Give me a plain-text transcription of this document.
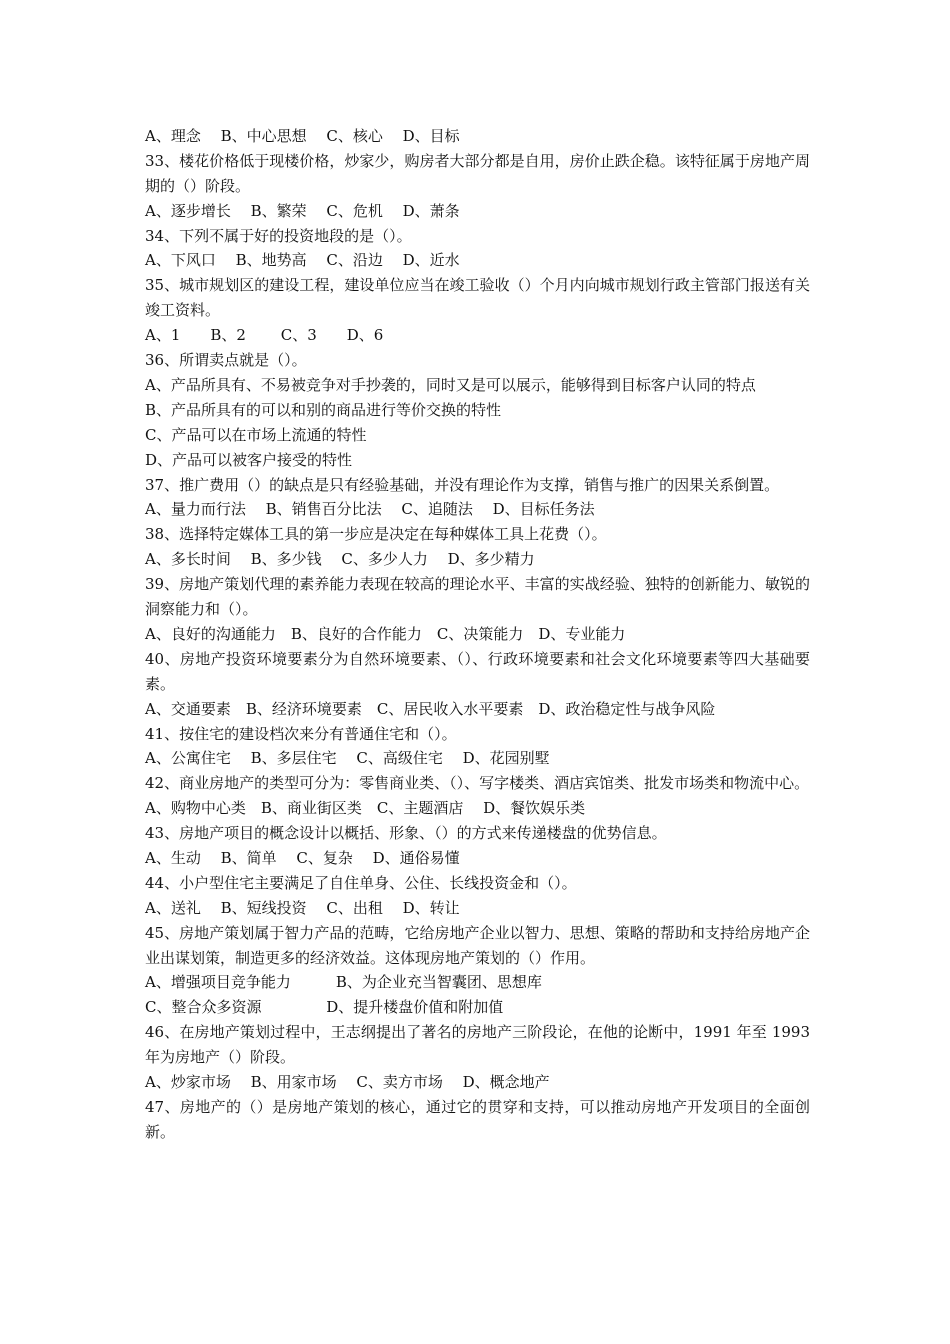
A、理念　 B、中心思想　 C、核心　 D、目标
33、楼花价格低于现楼价格，炒家少，购房者大部分都是自用，房价止跌企稳。该特征属于房地产周期的（）阶段。
A、逐步增长　 B、繁荣　 C、危机　 D、萧条
34、下列不属于好的投资地段的是（）。
A、下风口　 B、地势高　 C、沿边　 D、近水
35、城市规划区的建设工程，建设单位应当在竣工验收（）个月内向城市规划行政主管部门报送有关竣工资料。
A、1　　B、2　　 C、3　　D、6
36、所谓卖点就是（）。
A、产品所具有、不易被竞争对手抄袭的，同时又是可以展示，能够得到目标客户认同的特点
B、产品所具有的可以和别的商品进行等价交换的特性
C、产品可以在市场上流通的特性
D、产品可以被客户接受的特性
37、推广费用（）的缺点是只有经验基础，并没有理论作为支撑，销售与推广的因果关系倒置。
A、量力而行法　 B、销售百分比法　 C、追随法　 D、目标任务法
38、选择特定媒体工具的第一步应是决定在每种媒体工具上花费（）。
A、多长时间　 B、多少钱　 C、多少人力　 D、多少精力
39、房地产策划代理的素养能力表现在较高的理论水平、丰富的实战经验、独特的创新能力、敏锐的洞察能力和（）。
A、良好的沟通能力　B、良好的合作能力　C、决策能力　D、专业能力
40、房地产投资环境要素分为自然环境要素、（）、行政环境要素和社会文化环境要素等四大基础要素。
A、交通要素　B、经济环境要素　C、居民收入水平要素　D、政治稳定性与战争风险
41、按住宅的建设档次来分有普通住宅和（）。
A、公寓住宅　 B、多层住宅　 C、高级住宅　 D、花园别墅
42、商业房地产的类型可分为：零售商业类、（）、写字楼类、酒店宾馆类、批发市场类和物流中心。
A、购物中心类　B、商业街区类　C、主题酒店　 D、餐饮娱乐类
43、房地产项目的概念设计以概括、形象、（）的方式来传递楼盘的优势信息。
A、生动　 B、简单　 C、复杂　 D、通俗易懂
44、小户型住宅主要满足了自住单身、公住、长线投资金和（）。
A、送礼　 B、短线投资　 C、出租　 D、转让
45、房地产策划属于智力产品的范畴，它给房地产企业以智力、思想、策略的帮助和支持给房地产企业出谋划策，制造更多的经济效益。这体现房地产策划的（）作用。
A、增强项目竞争能力　　　B、为企业充当智囊团、思想库
C、整合众多资源　　　　 D、提升楼盘价值和附加值
46、在房地产策划过程中，王志纲提出了著名的房地产三阶段论，在他的论断中，1991 年至 1993 年为房地产（）阶段。
A、炒家市场　 B、用家市场　 C、卖方市场　 D、概念地产
47、房地产的（）是房地产策划的核心，通过它的贯穿和支持，可以推动房地产开发项目的全面创新。
